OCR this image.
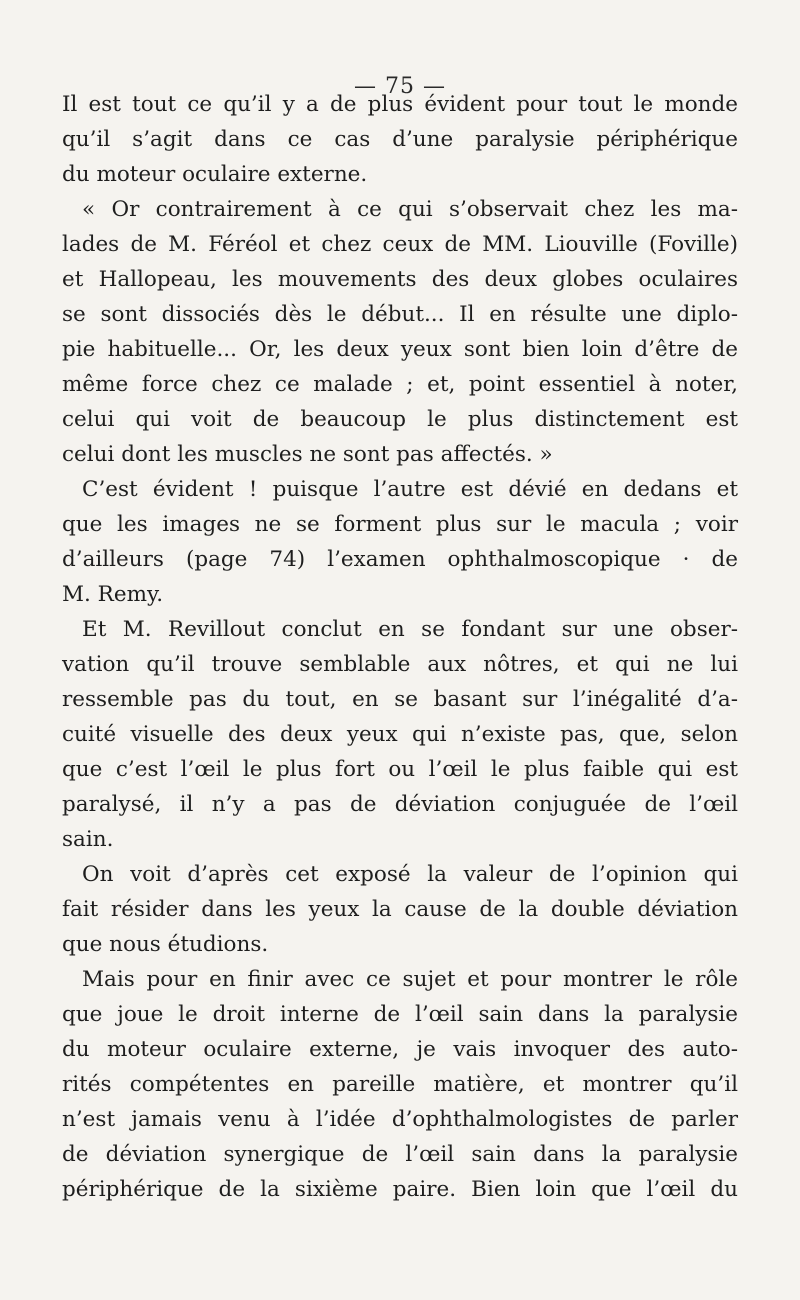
— 75 —
Il est tout ce qu’il y a de plus évident pour tout le monde
qu’il s’agit dans ce cas d’une paralysie périphérique
du moteur oculaire externe.
« Or contrairement à ce qui s’observait chez les ma-
lades de M. Féréol et chez ceux de MM. Liouville (Foville)
et Hallopeau, les mouvements des deux globes oculaires
se sont dissociés dès le début... Il en résulte une diplo-
pie habituelle... Or, les deux yeux sont bien loin d’être de
même force chez ce malade ; et, point essentiel à noter,
celui qui voit de beaucoup le plus distinctement est
celui dont les muscles ne sont pas affectés. »
C’est évident ! puisque l’autre est dévié en dedans et
que les images ne se forment plus sur le macula ; voir
d’ailleurs (page 74) l’examen ophthalmoscopique · de
M. Remy.
Et M. Revillout conclut en se fondant sur une obser-
vation qu’il trouve semblable aux nôtres, et qui ne lui
ressemble pas du tout, en se basant sur l’inégalité d’a-
cuité visuelle des deux yeux qui n’existe pas, que, selon
que c’est l’œil le plus fort ou l’œil le plus faible qui est
paralysé, il n’y a pas de déviation conjuguée de l’œil
sain.
On voit d’après cet exposé la valeur de l’opinion qui
fait résider dans les yeux la cause de la double déviation
que nous étudions.
Mais pour en finir avec ce sujet et pour montrer le rôle
que joue le droit interne de l’œil sain dans la paralysie
du moteur oculaire externe, je vais invoquer des auto-
rités compétentes en pareille matière, et montrer qu’il
n’est jamais venu à l’idée d’ophthalmologistes de parler
de déviation synergique de l’œil sain dans la paralysie
périphérique de la sixième paire. Bien loin que l’œil du
